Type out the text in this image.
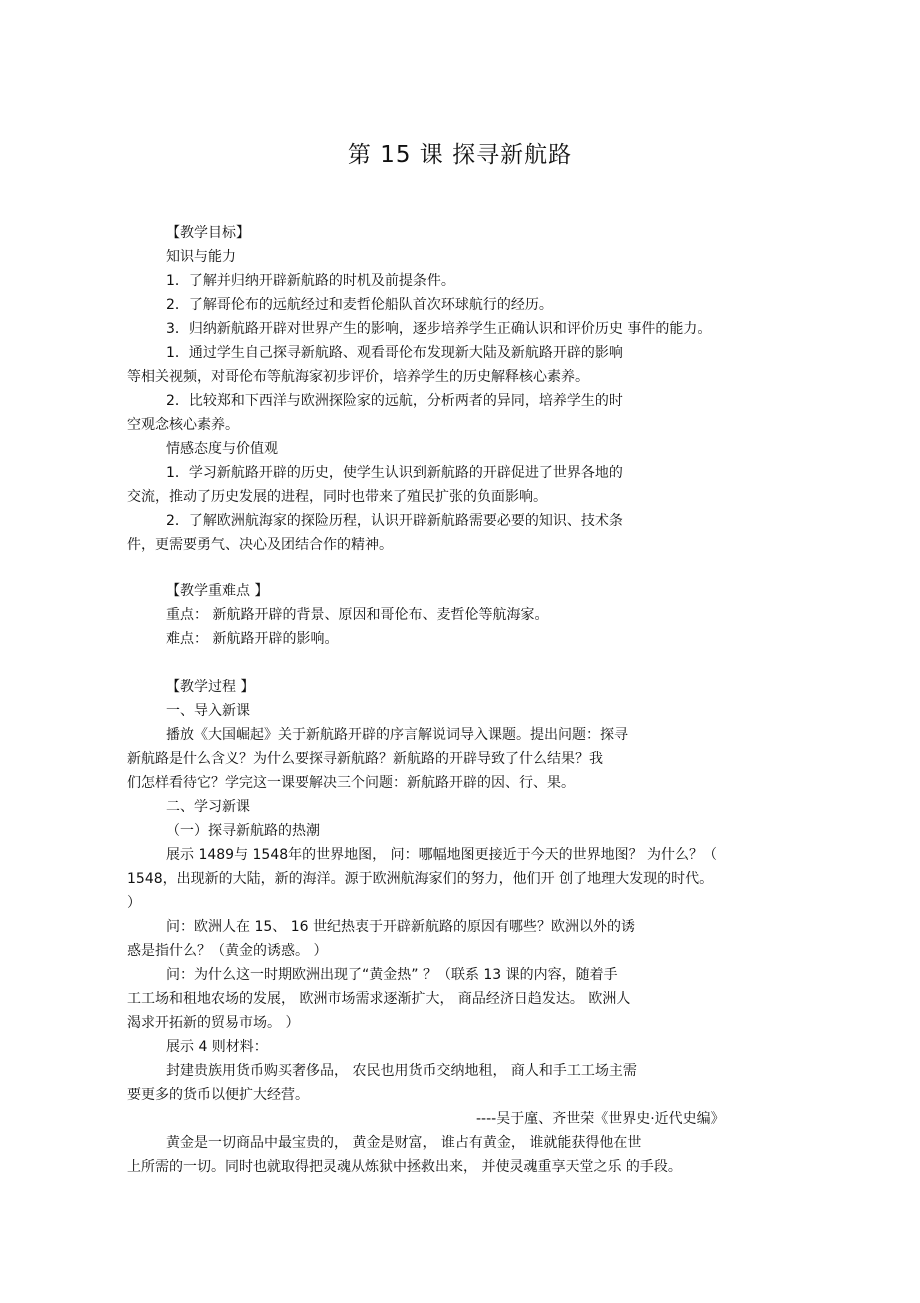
第 15 课 探寻新航路
【教学目标】
知识与能力
1．了解并归纳开辟新航路的时机及前提条件。
2．了解哥伦布的远航经过和麦哲伦船队首次环球航行的经历。
3．归纳新航路开辟对世界产生的影响，逐步培养学生正确认识和评价历史 事件的能力。
1．通过学生自己探寻新航路、观看哥伦布发现新大陆及新航路开辟的影响
等相关视频，对哥伦布等航海家初步评价，培养学生的历史解释核心素养。
2．比较郑和下西洋与欧洲探险家的远航，分析两者的异同，培养学生的时
空观念核心素养。
情感态度与价值观
1．学习新航路开辟的历史，使学生认识到新航路的开辟促进了世界各地的
交流，推动了历史发展的进程，同时也带来了殖民扩张的负面影响。
2．了解欧洲航海家的探险历程，认识开辟新航路需要必要的知识、技术条
件，更需要勇气、决心及团结合作的精神。
【教学重难点 】
重点： 新航路开辟的背景、原因和哥伦布、麦哲伦等航海家。
难点： 新航路开辟的影响。
【教学过程 】
一、导入新课
播放《大国崛起》关于新航路开辟的序言解说词导入课题。提出问题：探寻
新航路是什么含义？为什么要探寻新航路？新航路的开辟导致了什么结果？我
们怎样看待它？学完这一课要解决三个问题：新航路开辟的因、行、果。
二、学习新课
（一）探寻新航路的热潮
展示 1489与 1548年的世界地图， 问：哪幅地图更接近于今天的世界地图？ 为什么？（
1548，出现新的大陆，新的海洋。源于欧洲航海家们的努力，他们开 创了地理大发现的时代。
）
问：欧洲人在 15、 16 世纪热衷于开辟新航路的原因有哪些？欧洲以外的诱
惑是指什么？（黄金的诱惑。 ）
问：为什么这一时期欧洲出现了“黄金热” ？（联系 13 课的内容，随着手
工工场和租地农场的发展， 欧洲市场需求逐渐扩大， 商品经济日趋发达。 欧洲人
渴求开拓新的贸易市场。 ）
展示 4 则材料：
封建贵族用货币购买奢侈品， 农民也用货币交纳地租， 商人和手工工场主需
要更多的货币以便扩大经营。
----吴于廑、齐世荣《世界史·近代史编》
黄金是一切商品中最宝贵的， 黄金是财富， 谁占有黄金， 谁就能获得他在世
上所需的一切。同时也就取得把灵魂从炼狱中拯救出来， 并使灵魂重享天堂之乐 的手段。
